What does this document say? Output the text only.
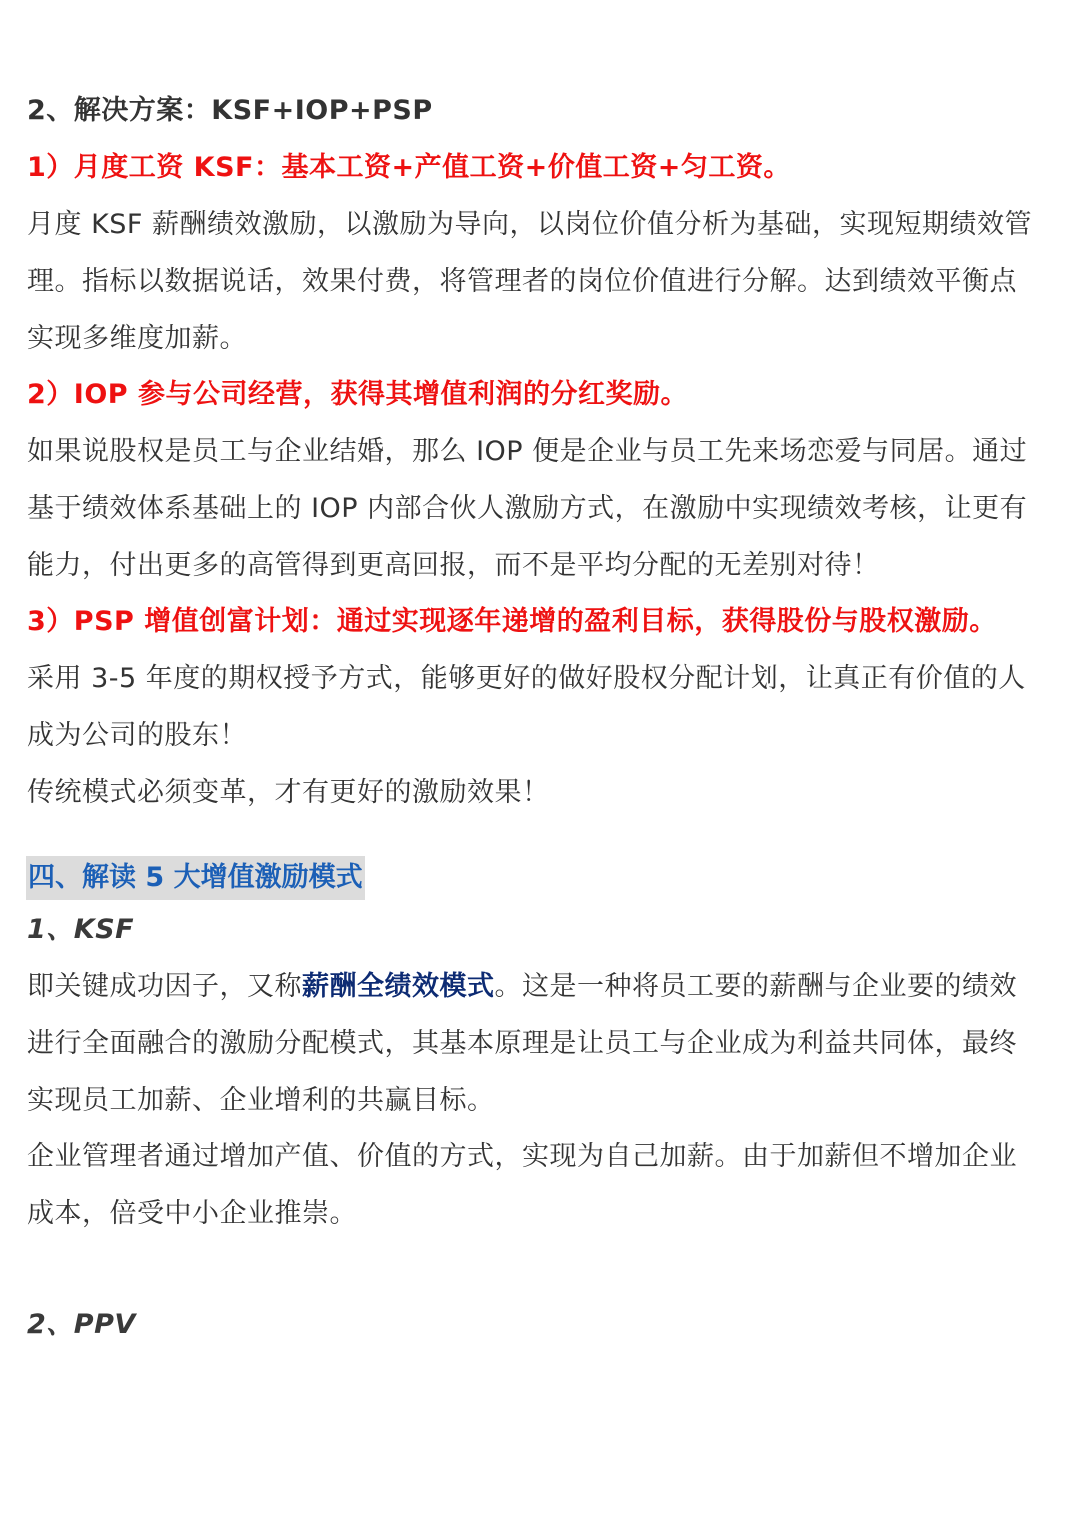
2、解决方案：KSF+IOP+PSP
1）月度工资 KSF：基本工资+产值工资+价值工资+匀工资。
月度 KSF 薪酬绩效激励，以激励为导向，以岗位价值分析为基础，实现短期绩效管
理。指标以数据说话，效果付费，将管理者的岗位价值进行分解。达到绩效平衡点
实现多维度加薪。
2）IOP 参与公司经营，获得其增值利润的分红奖励。
如果说股权是员工与企业结婚，那么 IOP 便是企业与员工先来场恋爱与同居。通过
基于绩效体系基础上的 IOP 内部合伙人激励方式，在激励中实现绩效考核，让更有
能力，付出更多的高管得到更高回报，而不是平均分配的无差别对待！
3）PSP 增值创富计划：通过实现逐年递增的盈利目标，获得股份与股权激励。
采用 3-5 年度的期权授予方式，能够更好的做好股权分配计划，让真正有价值的人
成为公司的股东！
传统模式必须变革，才有更好的激励效果！
四、解读 5 大增值激励模式
1、KSF
即关键成功因子，又称薪酬全绩效模式。这是一种将员工要的薪酬与企业要的绩效
进行全面融合的激励分配模式，其基本原理是让员工与企业成为利益共同体，最终
实现员工加薪、企业增利的共赢目标。
企业管理者通过增加产值、价值的方式，实现为自己加薪。由于加薪但不增加企业
成本，倍受中小企业推崇。
2、PPV
